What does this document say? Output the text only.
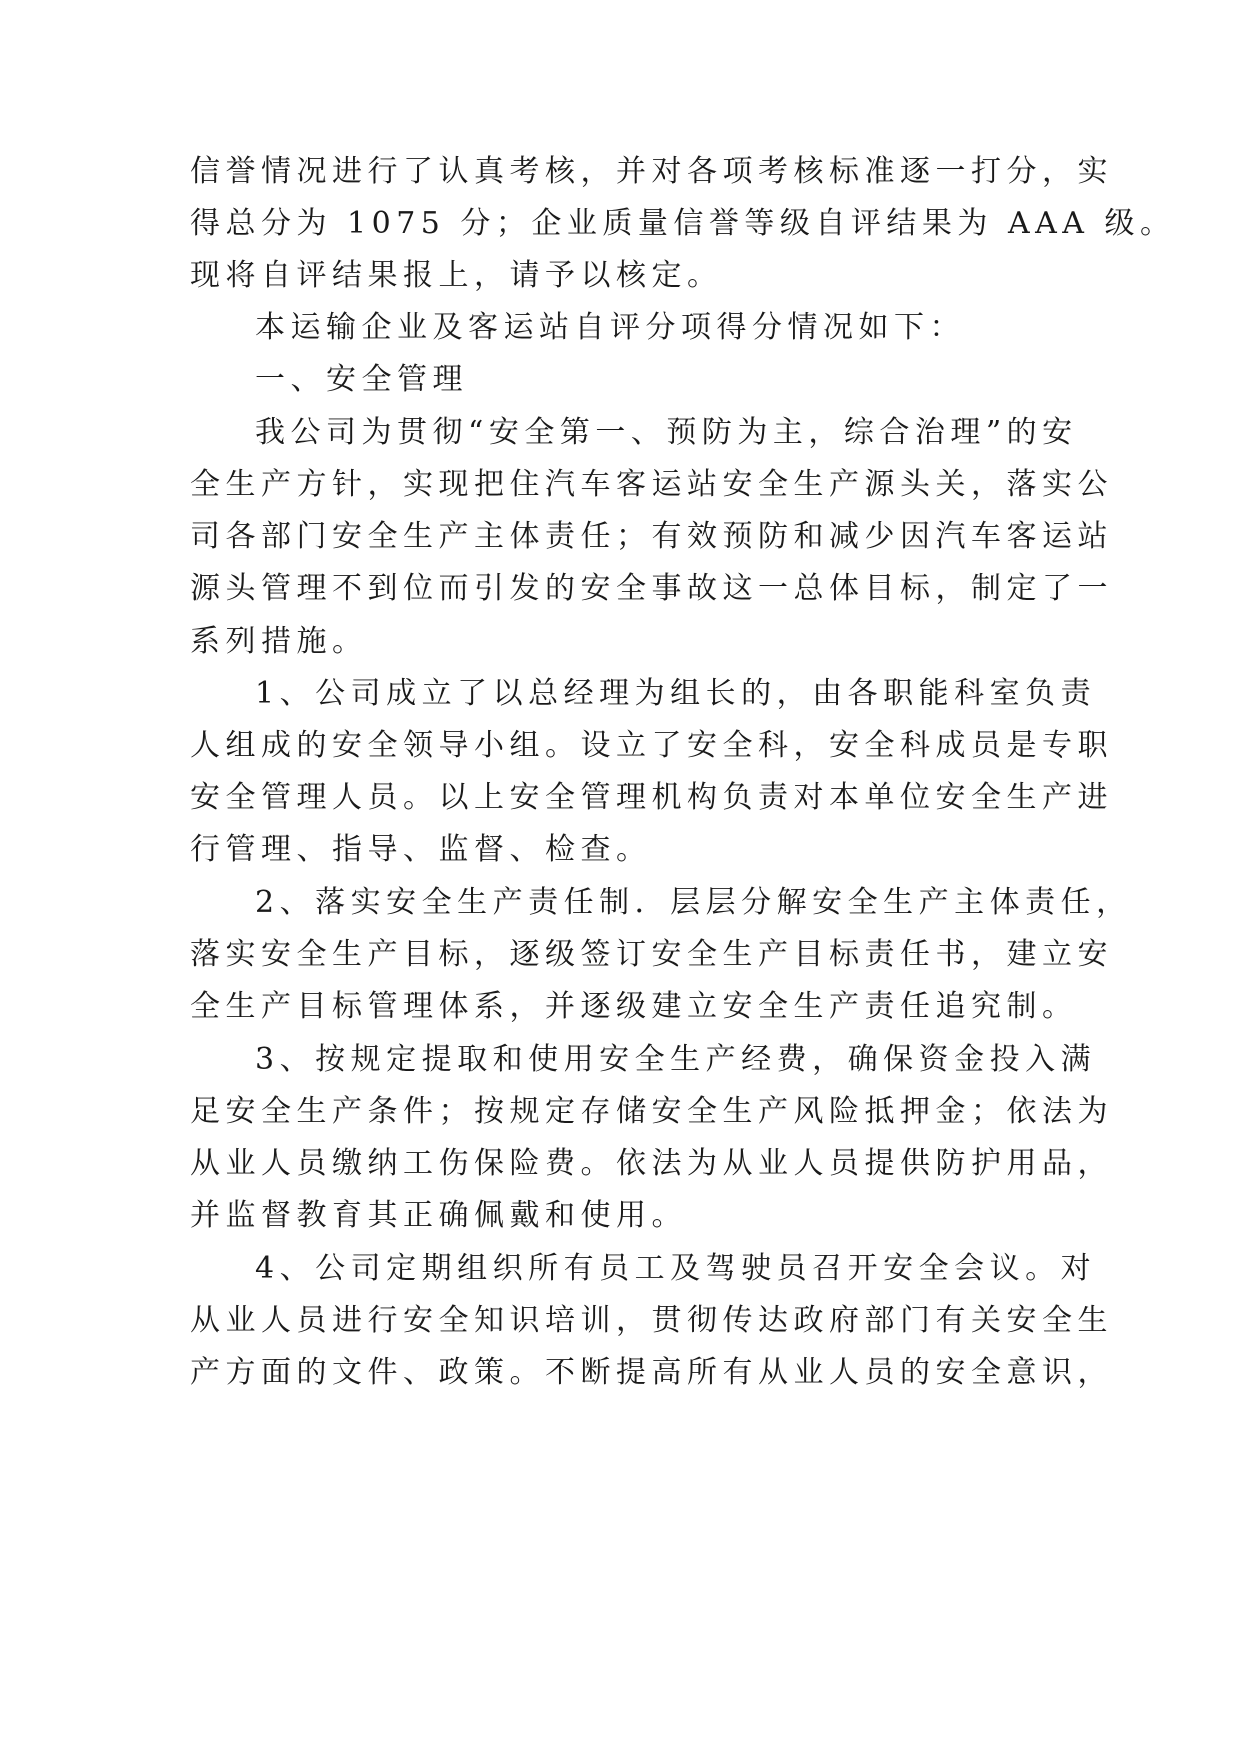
信誉情况进行了认真考核，并对各项考核标准逐一打分，实
得总分为 1075 分；企业质量信誉等级自评结果为 AAA 级。
现将自评结果报上，请予以核定。
本运输企业及客运站自评分项得分情况如下：
一、安全管理
我公司为贯彻“安全第一、预防为主，综合治理”的安
全生产方针，实现把住汽车客运站安全生产源头关，落实公
司各部门安全生产主体责任；有效预防和减少因汽车客运站
源头管理不到位而引发的安全事故这一总体目标，制定了一
系列措施。
1、公司成立了以总经理为组长的，由各职能科室负责
人组成的安全领导小组。设立了安全科，安全科成员是专职
安全管理人员。以上安全管理机构负责对本单位安全生产进
行管理、指导、监督、检查。
2、落实安全生产责任制．层层分解安全生产主体责任，
落实安全生产目标，逐级签订安全生产目标责任书，建立安
全生产目标管理体系，并逐级建立安全生产责任追究制。
3、按规定提取和使用安全生产经费，确保资金投入满
足安全生产条件；按规定存储安全生产风险抵押金；依法为
从业人员缴纳工伤保险费。依法为从业人员提供防护用品，
并监督教育其正确佩戴和使用。
4、公司定期组织所有员工及驾驶员召开安全会议。对
从业人员进行安全知识培训，贯彻传达政府部门有关安全生
产方面的文件、政策。不断提高所有从业人员的安全意识，
